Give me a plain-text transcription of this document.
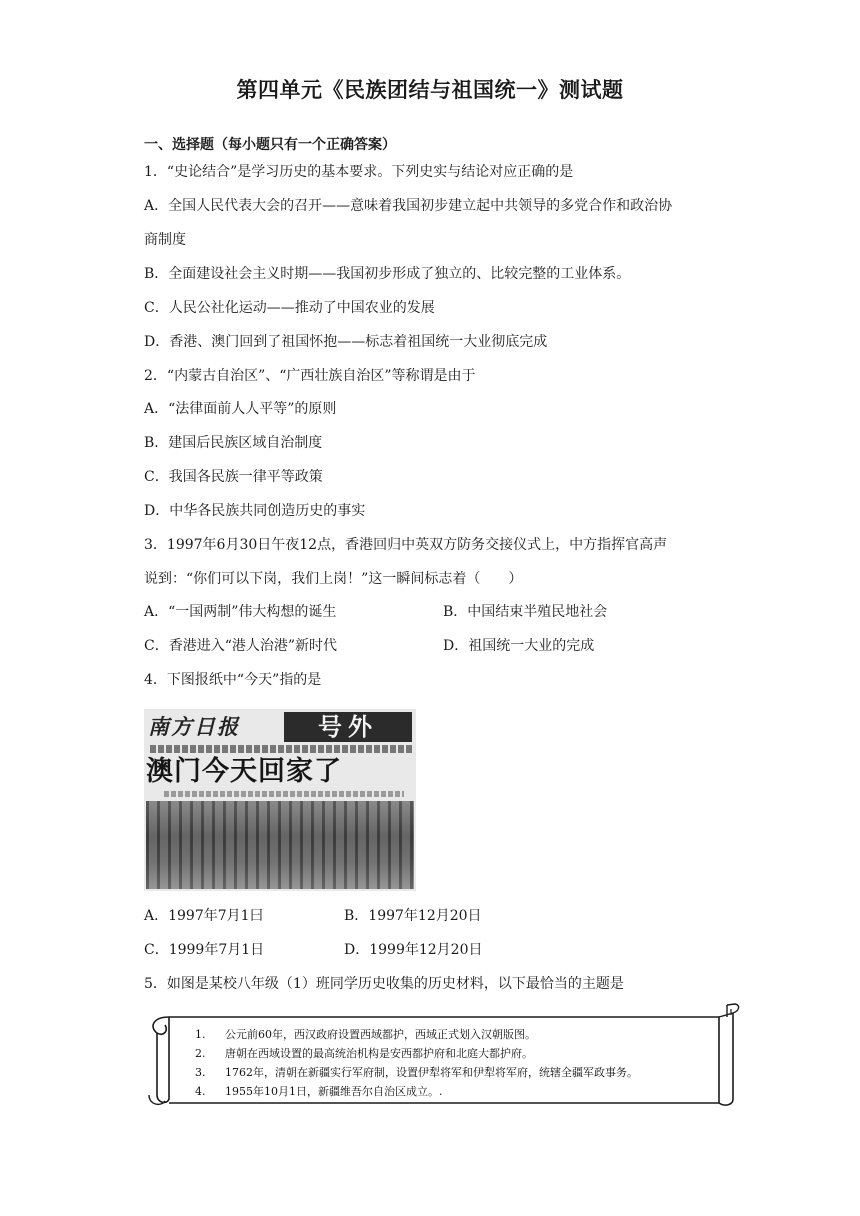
第四单元《民族团结与祖国统一》测试题
一、选择题（每小题只有一个正确答案）
1．“史论结合”是学习历史的基本要求。下列史实与结论对应正确的是
A．全国人民代表大会的召开——意味着我国初步建立起中共领导的多党合作和政治协
商制度
B．全面建设社会主义时期——我国初步形成了独立的、比较完整的工业体系。
C．人民公社化运动——推动了中国农业的发展
D．香港、澳门回到了祖国怀抱——标志着祖国统一大业彻底完成
2．“内蒙古自治区”、“广西壮族自治区”等称谓是由于
A．“法律面前人人平等”的原则
B．建国后民族区域自治制度
C．我国各民族一律平等政策
D．中华各民族共同创造历史的事实
3．1997年6月30日午夜12点，香港回归中英双方防务交接仪式上，中方指挥官高声
说到：“你们可以下岗，我们上岗！”这一瞬间标志着（　　）
A．“一国两制”伟大构想的诞生	B．中国结束半殖民地社会
C．香港进入“港人治港”新时代	D．祖国统一大业的完成
4．下图报纸中“今天”指的是
南方日报	号外
澳门今天回家了
A．1997年7月1曰	B．1997年12月20日
C．1999年7月1日	D．1999年12月20日
5．如图是某校八年级（1）班同学历史收集的历史材料，以下最恰当的主题是
1. 公元前60年，西汉政府设置西域都护，西域正式划入汉朝版图。
2. 唐朝在西域设置的最高统治机构是安西都护府和北庭大都护府。
3. 1762年，清朝在新疆实行军府制，设置伊犁将军和伊犁将军府，统辖全疆军政事务。
4. 1955年10月1日，新疆维吾尔自治区成立。.
